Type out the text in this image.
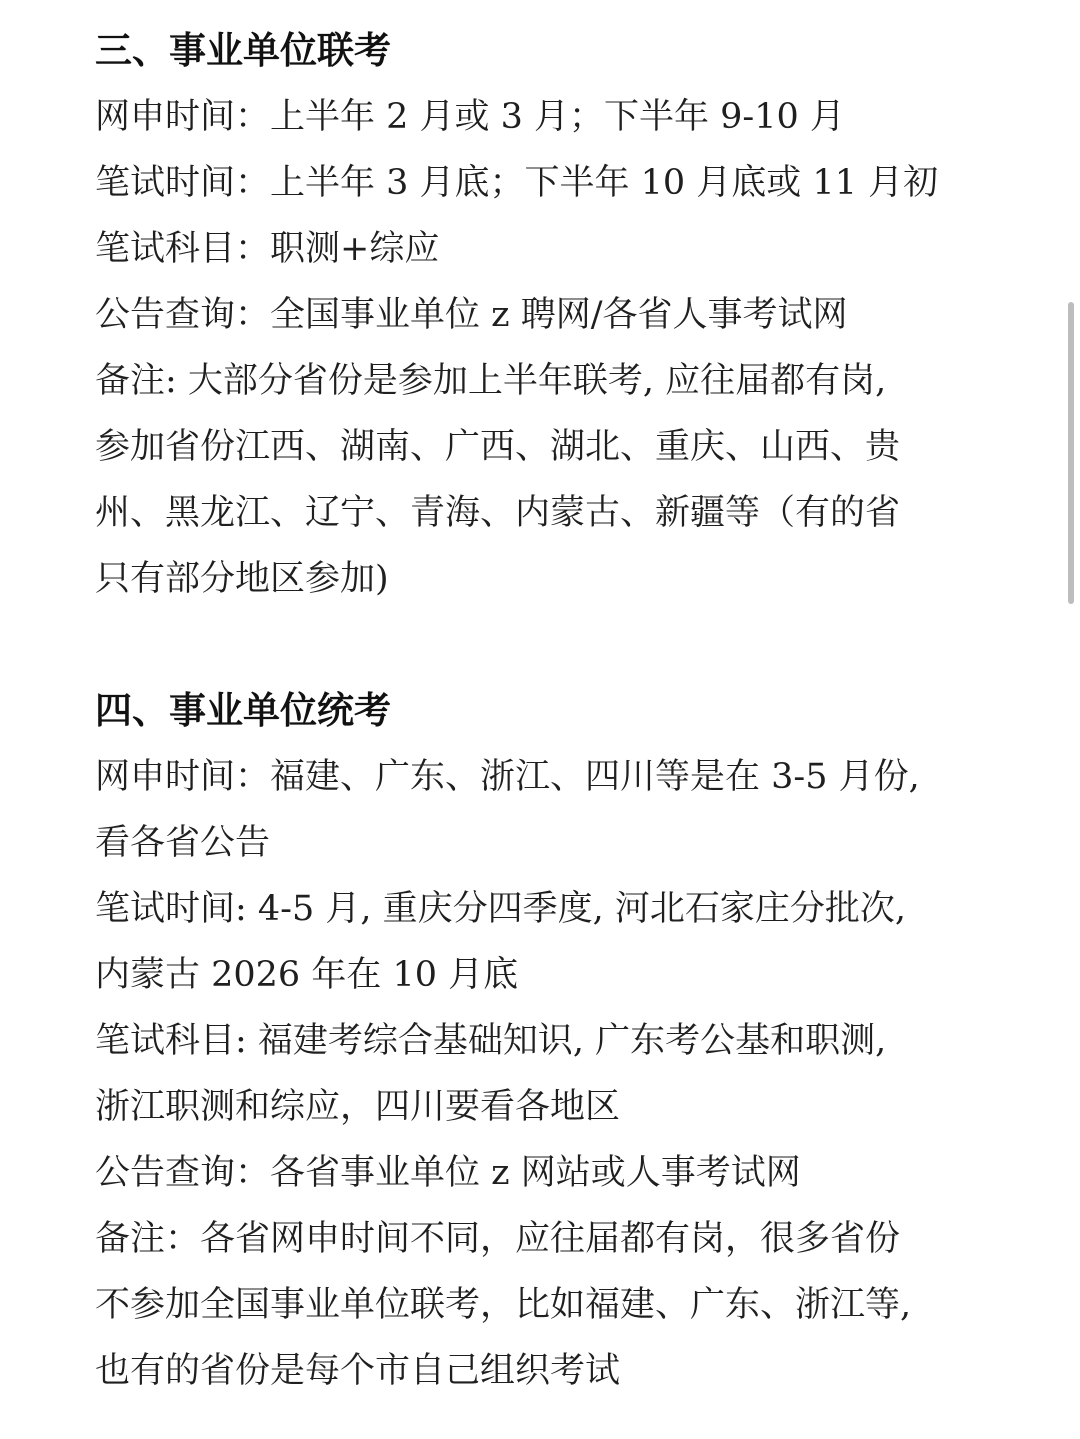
三、事业单位联考
网申时间：上半年 2 月或 3 月；下半年 9-10 月
笔试时间：上半年 3 月底；下半年 10 月底或 11 月初
笔试科目：职测+综应
公告查询：全国事业单位 z 聘网/各省人事考试网
备注: 大部分省份是参加上半年联考, 应往届都有岗,
参加省份江西、湖南、广西、湖北、重庆、山西、贵
州、黑龙江、辽宁、青海、内蒙古、新疆等（有的省
只有部分地区参加)
四、事业单位统考
网申时间：福建、广东、浙江、四川等是在 3-5 月份,
看各省公告
笔试时间: 4-5 月, 重庆分四季度, 河北石家庄分批次,
内蒙古 2026 年在 10 月底
笔试科目: 福建考综合基础知识, 广东考公基和职测,
浙江职测和综应，四川要看各地区
公告查询：各省事业单位 z 网站或人事考试网
备注：各省网申时间不同，应往届都有岗，很多省份
不参加全国事业单位联考，比如福建、广东、浙江等,
也有的省份是每个市自己组织考试
